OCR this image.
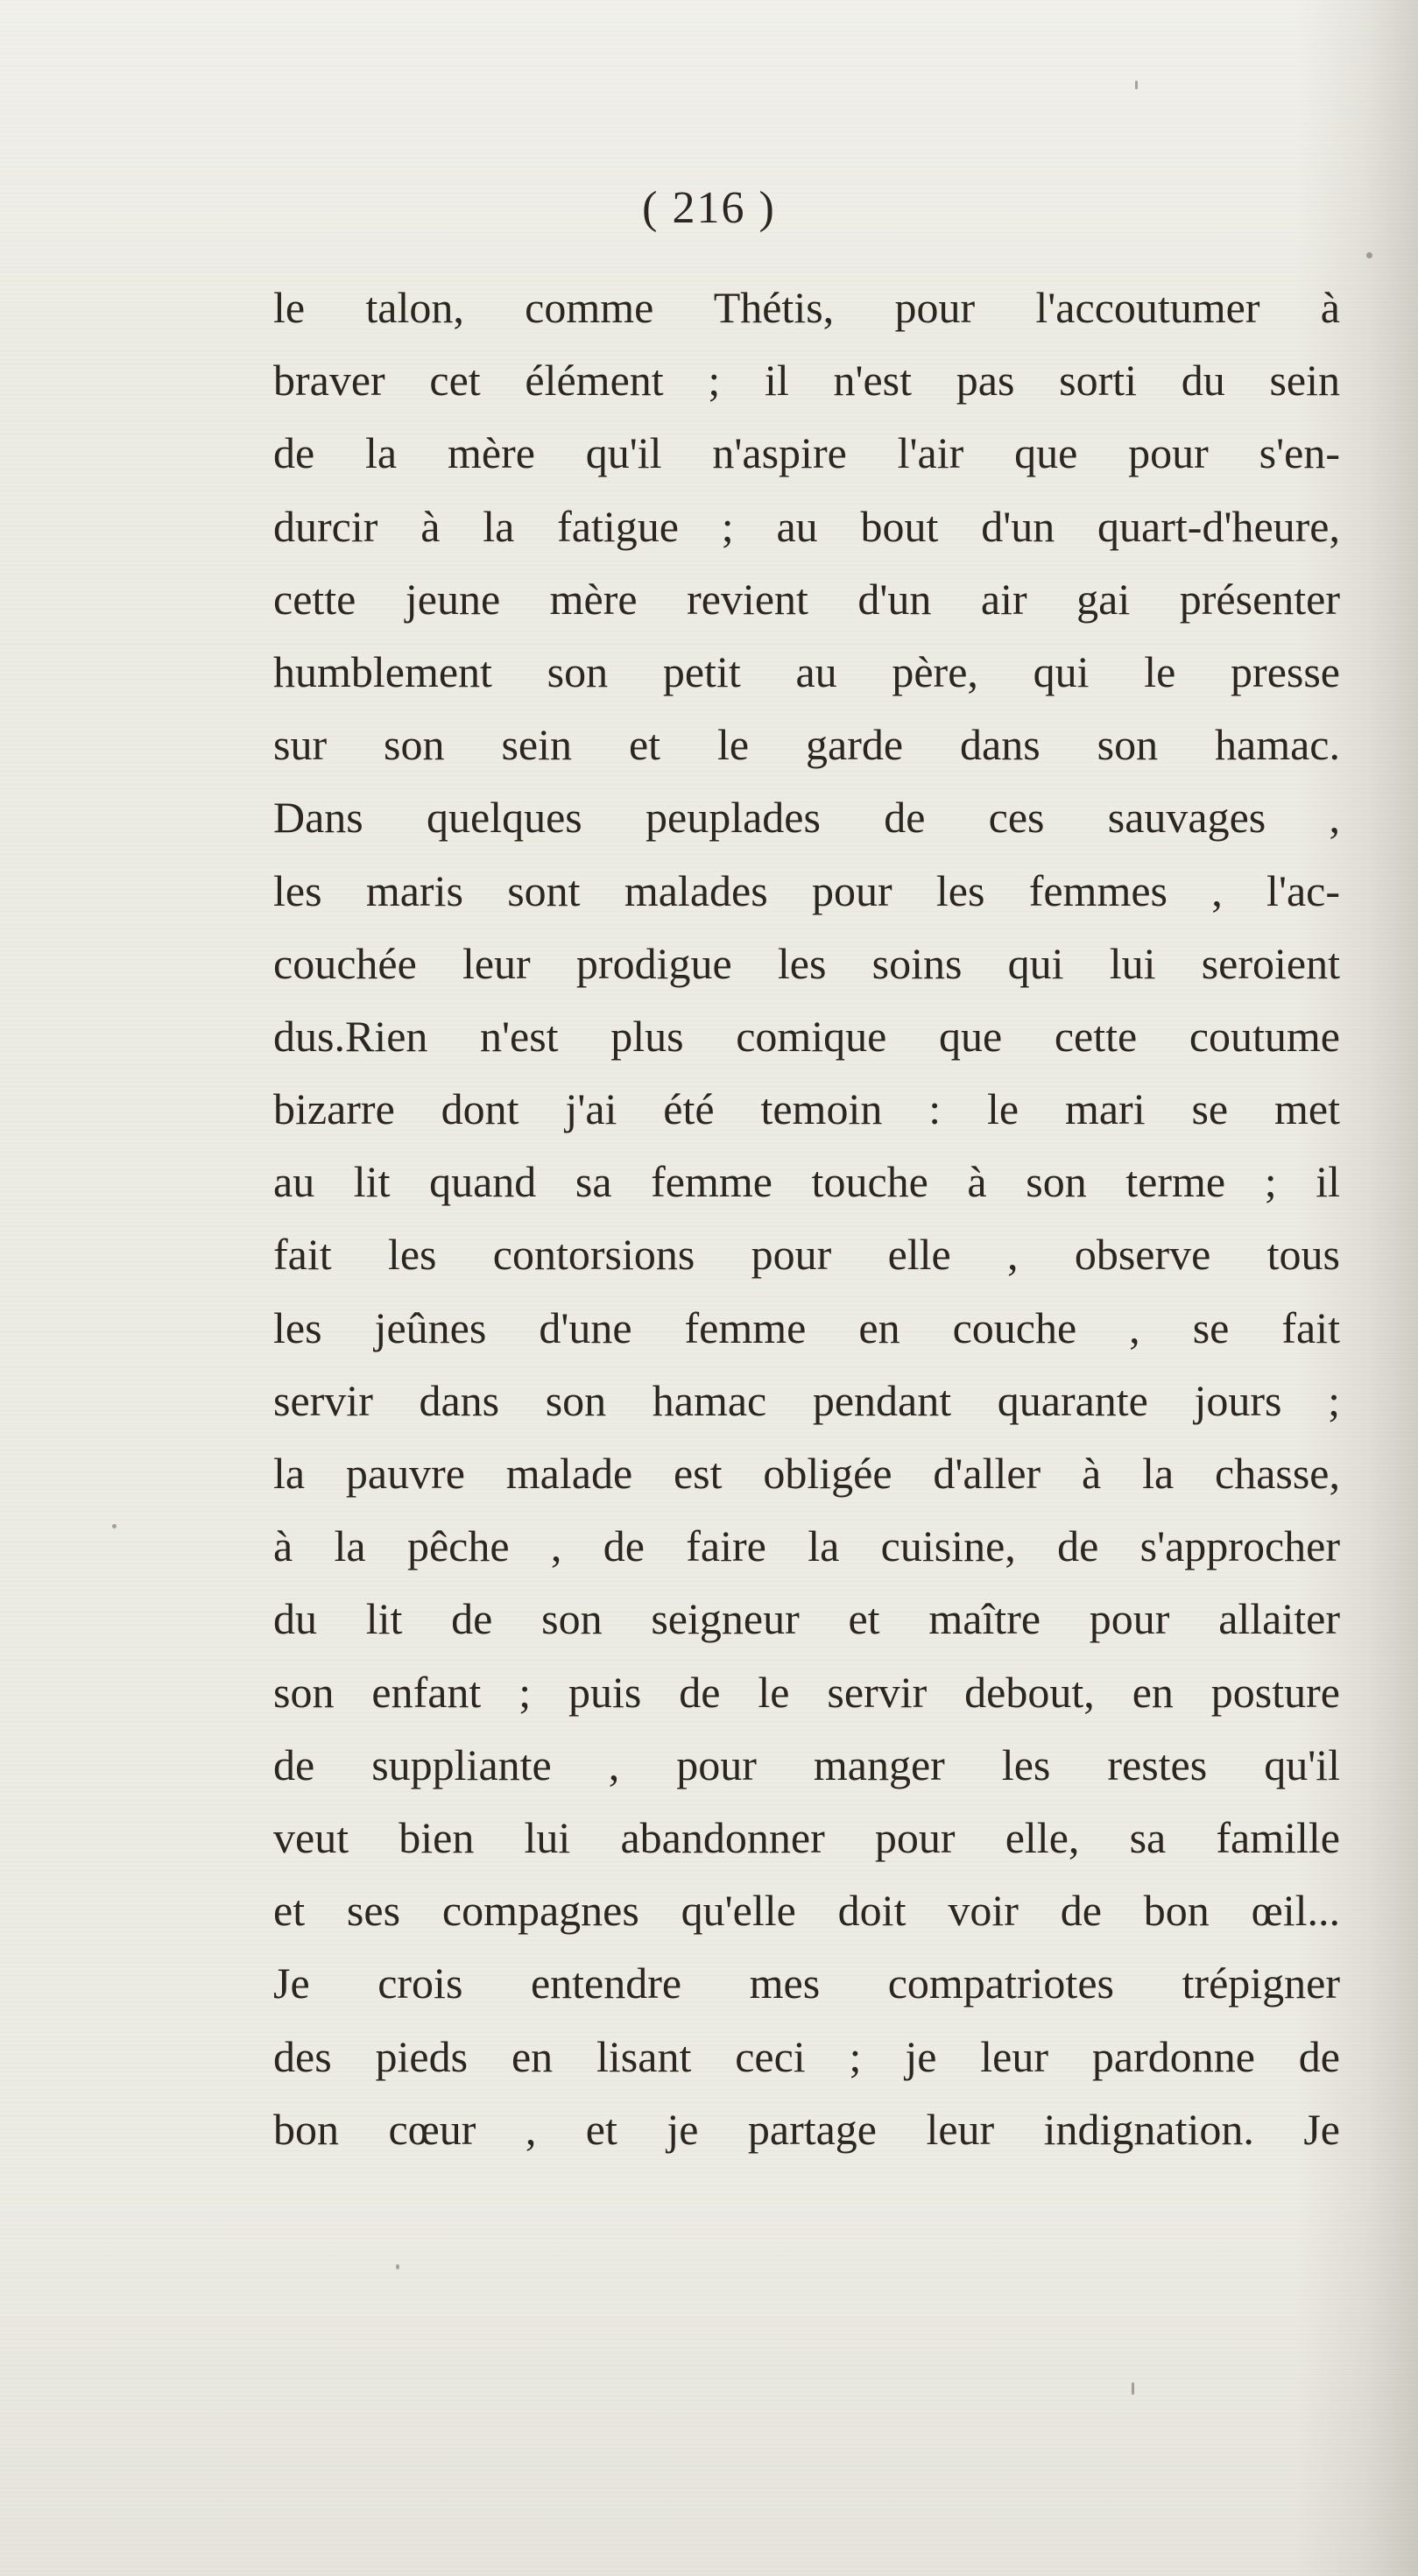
( 216 )
le talon, comme Thétis, pour l'accoutumer à
braver cet élément ; il n'est pas sorti du sein
de la mère qu'il n'aspire l'air que pour s'en-
durcir à la fatigue ; au bout d'un quart-d'heure,
cette jeune mère revient d'un air gai présenter
humblement son petit au père, qui le presse
sur son sein et le garde dans son hamac.
Dans quelques peuplades de ces sauvages ,
les maris sont malades pour les femmes , l'ac-
couchée leur prodigue les soins qui lui seroient
dus.Rien n'est plus comique que cette coutume
bizarre dont j'ai été temoin : le mari se met
au lit quand sa femme touche à son terme ; il
fait les contorsions pour elle , observe tous
les jeûnes d'une femme en couche , se fait
servir dans son hamac pendant quarante jours ;
la pauvre malade est obligée d'aller à la chasse,
à la pêche , de faire la cuisine, de s'approcher
du lit de son seigneur et maître pour allaiter
son enfant ; puis de le servir debout, en posture
de suppliante , pour manger les restes qu'il
veut bien lui abandonner pour elle, sa famille
et ses compagnes qu'elle doit voir de bon œil...
Je crois entendre mes compatriotes trépigner
des pieds en lisant ceci ; je leur pardonne de
bon cœur , et je partage leur indignation. Je
